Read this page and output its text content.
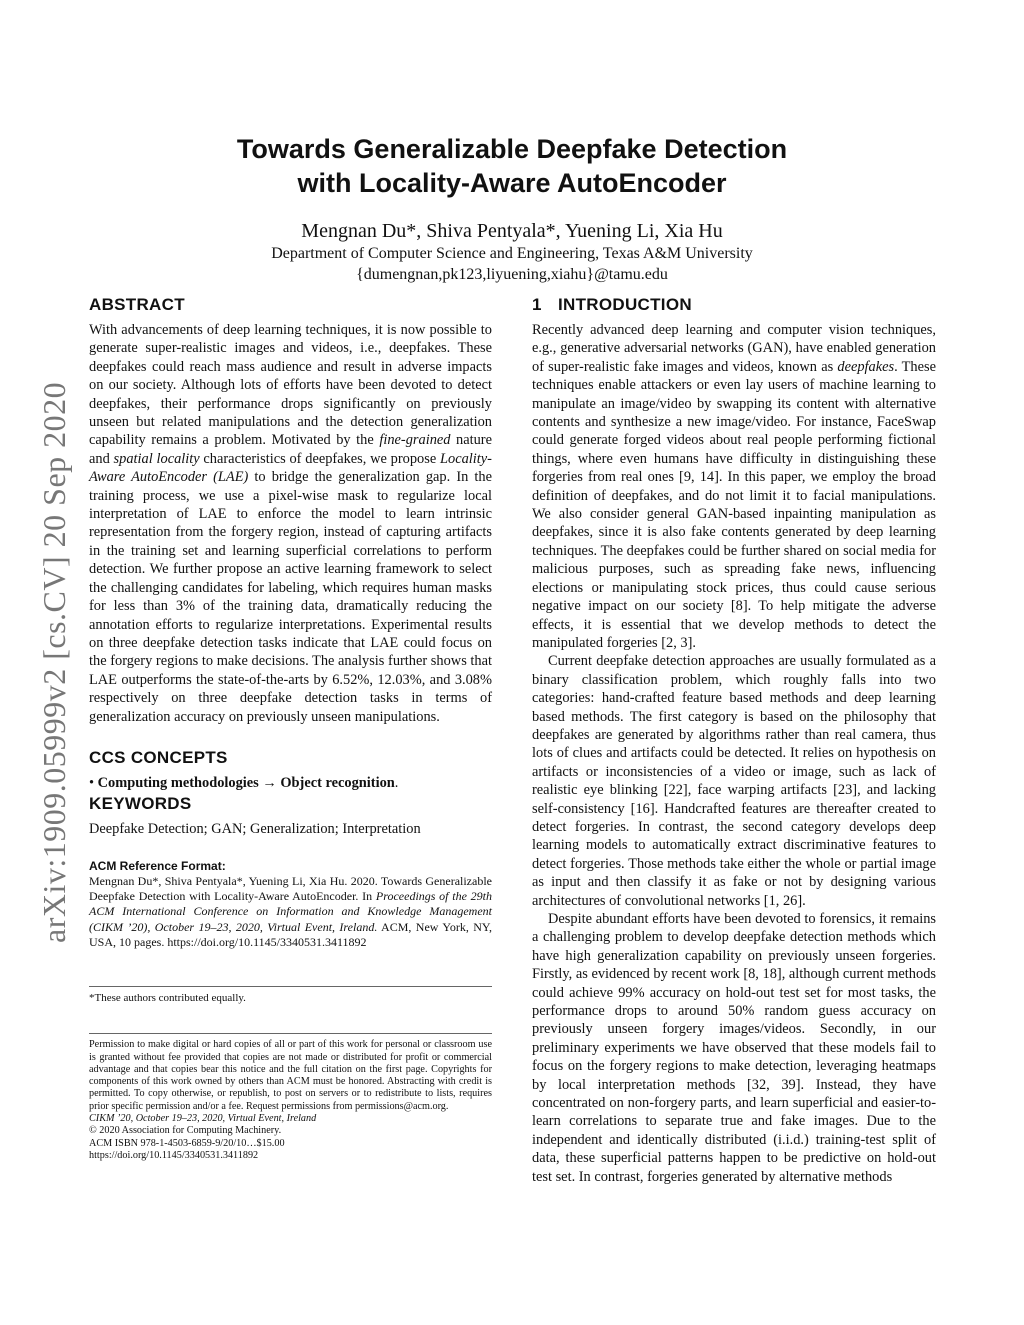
arXiv:1909.05999v2 [cs.CV] 20 Sep 2020
Towards Generalizable Deepfake Detection
with Locality-Aware AutoEncoder
Mengnan Du*, Shiva Pentyala*, Yuening Li, Xia Hu
Department of Computer Science and Engineering, Texas A&M University
{dumengnan,pk123,liyuening,xiahu}@tamu.edu
ABSTRACT

With advancements of deep learning techniques, it is now possible to generate super-realistic images and videos, i.e., deepfakes. These deepfakes could reach mass audience and result in adverse impacts on our society. Although lots of efforts have been devoted to detect deepfakes, their performance drops significantly on previously unseen but related manipulations and the detection generalization capability remains a problem. Motivated by the fine-grained nature and spatial locality characteristics of deepfakes, we propose Locality-Aware AutoEncoder (LAE) to bridge the generalization gap. In the training process, we use a pixel-wise mask to regularize local interpretation of LAE to enforce the model to learn intrinsic representation from the forgery region, instead of capturing artifacts in the training set and learning superficial correlations to perform detection. We further propose an active learning framework to select the challenging candidates for labeling, which requires human masks for less than 3% of the training data, dramatically reducing the annotation efforts to regularize interpretations. Experimental results on three deepfake detection tasks indicate that LAE could focus on the forgery regions to make decisions. The analysis further shows that LAE outperforms the state-of-the-arts by 6.52%, 12.03%, and 3.08% respectively on three deepfake detection tasks in terms of generalization accuracy on previously unseen manipulations.

CCS CONCEPTS

• Computing methodologies → Object recognition.

KEYWORDS

Deepfake Detection; GAN; Generalization; Interpretation

ACM Reference Format:

Mengnan Du*, Shiva Pentyala*, Yuening Li, Xia Hu. 2020. Towards Generalizable Deepfake Detection with Locality-Aware AutoEncoder. In Proceedings of the 29th ACM International Conference on Information and Knowledge Management (CIKM ’20), October 19–23, 2020, Virtual Event, Ireland. ACM, New York, NY, USA, 10 pages. https://doi.org/10.1145/3340531.3411892

*These authors contributed equally.

Permission to make digital or hard copies of all or part of this work for personal or classroom use is granted without fee provided that copies are not made or distributed for profit or commercial advantage and that copies bear this notice and the full citation on the first page. Copyrights for components of this work owned by others than ACM must be honored. Abstracting with credit is permitted. To copy otherwise, or republish, to post on servers or to redistribute to lists, requires prior specific permission and/or a fee. Request permissions from permissions@acm.org.

CIKM ’20, October 19–23, 2020, Virtual Event, Ireland

© 2020 Association for Computing Machinery.

ACM ISBN 978-1-4503-6859-9/20/10…$15.00

https://doi.org/10.1145/3340531.3411892

1 INTRODUCTION

Recently advanced deep learning and computer vision techniques, e.g., generative adversarial networks (GAN), have enabled generation of super-realistic fake images and videos, known as deepfakes. These techniques enable attackers or even lay users of machine learning to manipulate an image/video by swapping its content with alternative contents and synthesize a new image/video. For instance, FaceSwap could generate forged videos about real people performing fictional things, where even humans have difficulty in distinguishing these forgeries from real ones [9, 14]. In this paper, we employ the broad definition of deepfakes, and do not limit it to facial manipulations. We also consider general GAN-based inpainting manipulation as deepfakes, since it is also fake contents generated by deep learning techniques. The deepfakes could be further shared on social media for malicious purposes, such as spreading fake news, influencing elections or manipulating stock prices, thus could cause serious negative impact on our society [8]. To help mitigate the adverse effects, it is essential that we develop methods to detect the manipulated forgeries [2, 3].

Current deepfake detection approaches are usually formulated as a binary classification problem, which roughly falls into two categories: hand-crafted feature based methods and deep learning based methods. The first category is based on the philosophy that deepfakes are generated by algorithms rather than real camera, thus lots of clues and artifacts could be detected. It relies on hypothesis on artifacts or inconsistencies of a video or image, such as lack of realistic eye blinking [22], face warping artifacts [23], and lacking self-consistency [16]. Handcrafted features are thereafter created to detect forgeries. In contrast, the second category develops deep learning models to automatically extract discriminative features to detect forgeries. Those methods take either the whole or partial image as input and then classify it as fake or not by designing various architectures of convolutional networks [1, 26].

Despite abundant efforts have been devoted to forensics, it remains a challenging problem to develop deepfake detection methods which have high generalization capability on previously unseen forgeries. Firstly, as evidenced by recent work [8, 18], although current methods could achieve 99% accuracy on hold-out test set for most tasks, the performance drops to around 50% random guess accuracy on previously unseen forgery images/videos. Secondly, in our preliminary experiments we have observed that these models fail to focus on the forgery regions to make detection, leveraging heatmaps by local interpretation methods [32, 39]. Instead, they have concentrated on non-forgery parts, and learn superficial and easier-to-learn correlations to separate true and fake images. Due to the independent and identically distributed (i.i.d.) training-test split of data, these superficial patterns happen to be predictive on hold-out test set. In contrast, forgeries generated by alternative methods
